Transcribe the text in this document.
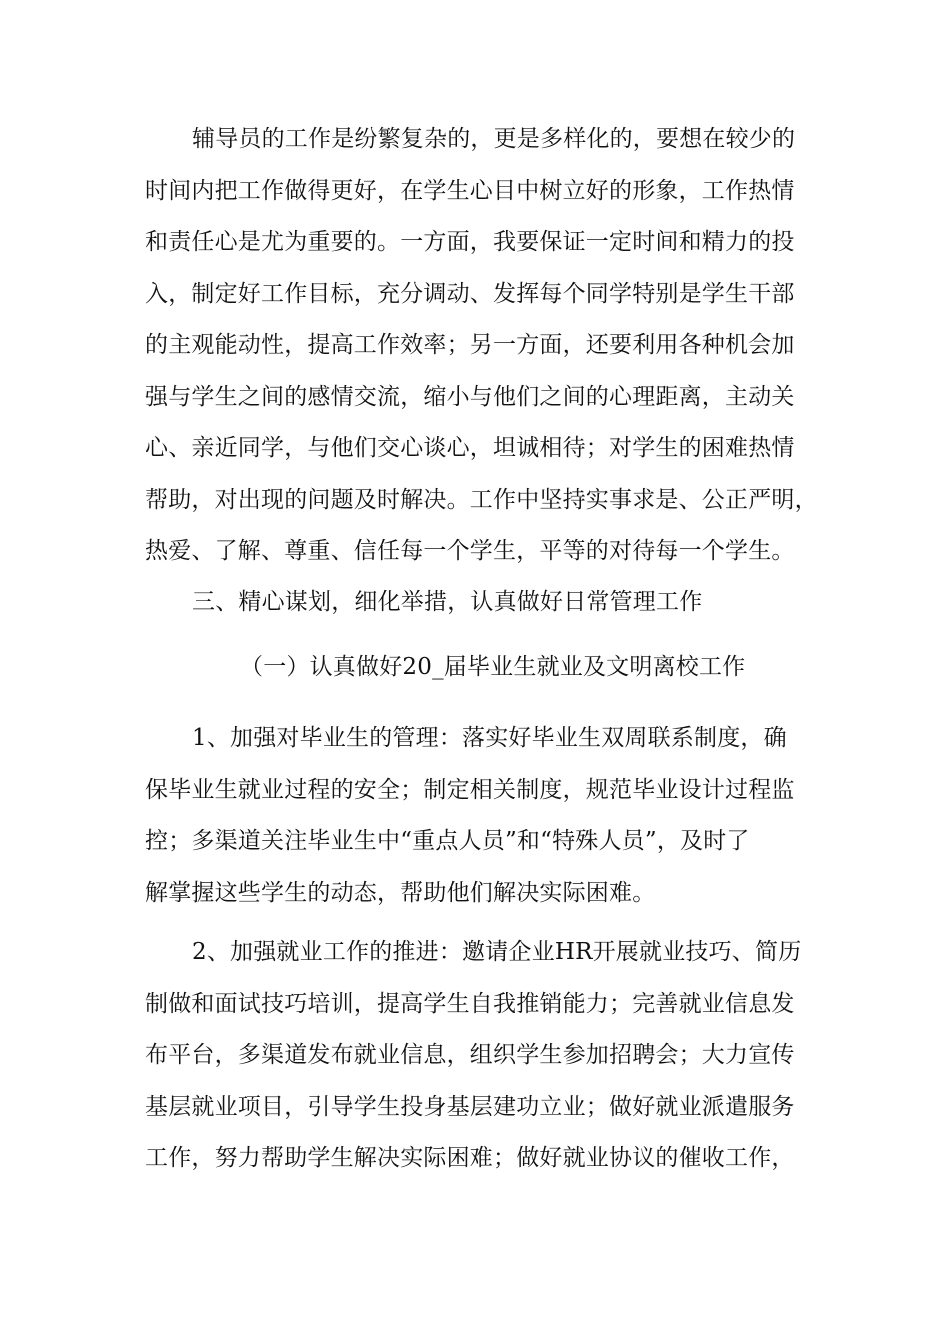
辅导员的工作是纷繁复杂的，更是多样化的，要想在较少的
时间内把工作做得更好，在学生心目中树立好的形象，工作热情
和责任心是尤为重要的。一方面，我要保证一定时间和精力的投
入，制定好工作目标，充分调动、发挥每个同学特别是学生干部
的主观能动性，提高工作效率；另一方面，还要利用各种机会加
强与学生之间的感情交流，缩小与他们之间的心理距离，主动关
心、亲近同学，与他们交心谈心，坦诚相待；对学生的困难热情
帮助，对出现的问题及时解决。工作中坚持实事求是、公正严明，
热爱、了解、尊重、信任每一个学生，平等的对待每一个学生。
三、精心谋划，细化举措，认真做好日常管理工作
（一）认真做好20_届毕业生就业及文明离校工作
1、加强对毕业生的管理：落实好毕业生双周联系制度，确
保毕业生就业过程的安全；制定相关制度，规范毕业设计过程监
控；多渠道关注毕业生中“重点人员”和“特殊人员”，及时了
解掌握这些学生的动态，帮助他们解决实际困难。
2、加强就业工作的推进：邀请企业HR开展就业技巧、简历
制做和面试技巧培训，提高学生自我推销能力；完善就业信息发
布平台，多渠道发布就业信息，组织学生参加招聘会；大力宣传
基层就业项目，引导学生投身基层建功立业；做好就业派遣服务
工作，努力帮助学生解决实际困难；做好就业协议的催收工作，
